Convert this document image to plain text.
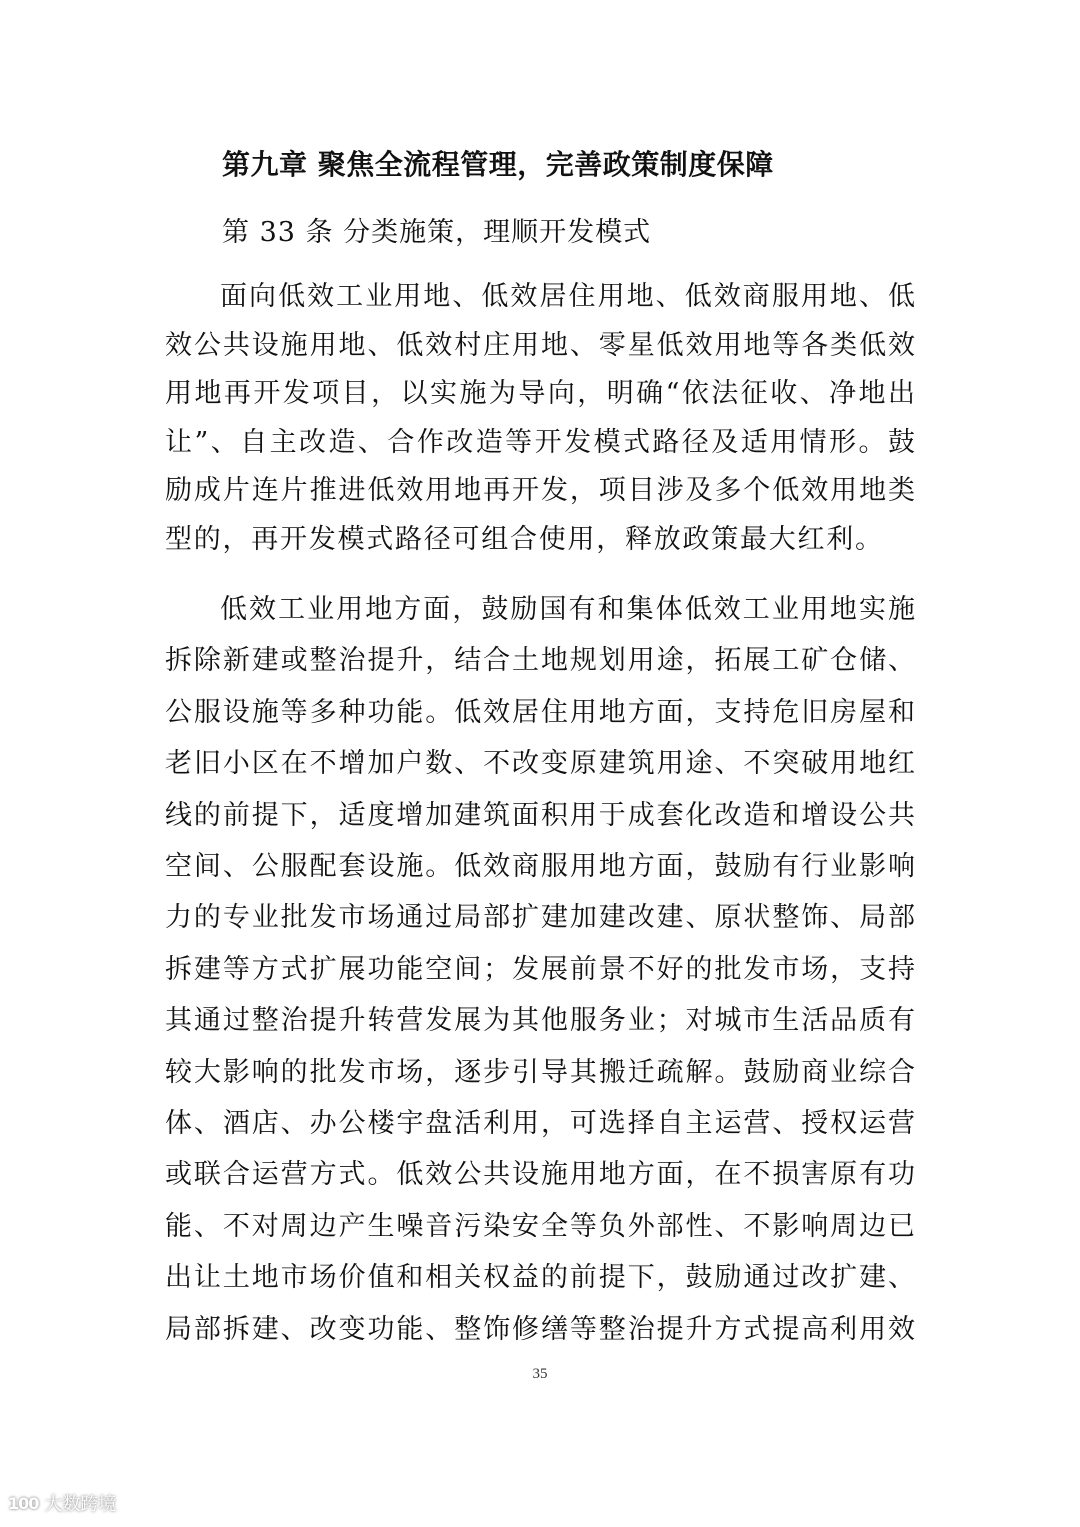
第九章 聚焦全流程管理，完善政策制度保障
第 33 条 分类施策，理顺开发模式
面向低效工业用地、低效居住用地、低效商服用地、低
效公共设施用地、低效村庄用地、零星低效用地等各类低效
用地再开发项目，以实施为导向，明确“依法征收、净地出
让”、自主改造、合作改造等开发模式路径及适用情形。鼓
励成片连片推进低效用地再开发，项目涉及多个低效用地类
型的，再开发模式路径可组合使用，释放政策最大红利。
低效工业用地方面，鼓励国有和集体低效工业用地实施
拆除新建或整治提升，结合土地规划用途，拓展工矿仓储、
公服设施等多种功能。低效居住用地方面，支持危旧房屋和
老旧小区在不增加户数、不改变原建筑用途、不突破用地红
线的前提下，适度增加建筑面积用于成套化改造和增设公共
空间、公服配套设施。低效商服用地方面，鼓励有行业影响
力的专业批发市场通过局部扩建加建改建、原状整饰、局部
拆建等方式扩展功能空间；发展前景不好的批发市场，支持
其通过整治提升转营发展为其他服务业；对城市生活品质有
较大影响的批发市场，逐步引导其搬迁疏解。鼓励商业综合
体、酒店、办公楼宇盘活利用，可选择自主运营、授权运营
或联合运营方式。低效公共设施用地方面，在不损害原有功
能、不对周边产生噪音污染安全等负外部性、不影响周边已
出让土地市场价值和相关权益的前提下，鼓励通过改扩建、
局部拆建、改变功能、整饰修缮等整治提升方式提高利用效
35
100 大数跨境
